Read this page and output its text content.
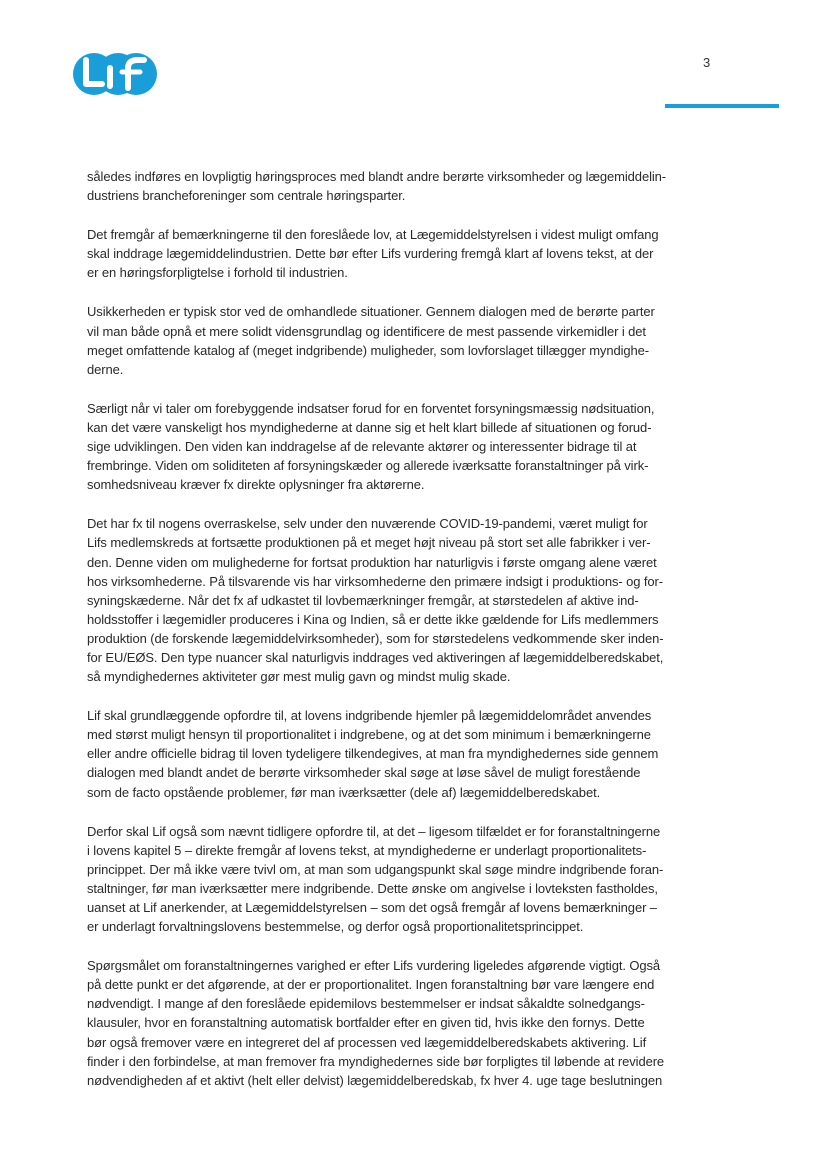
3

således indføres en lovpligtig høringsproces med blandt andre berørte virksomheder og lægemiddelin-
dustriens brancheforeninger som centrale høringsparter.

Det fremgår af bemærkningerne til den foreslåede lov, at Lægemiddelstyrelsen i videst muligt omfang
skal inddrage lægemiddelindustrien. Dette bør efter Lifs vurdering fremgå klart af lovens tekst, at der
er en høringsforpligtelse i forhold til industrien.

Usikkerheden er typisk stor ved de omhandlede situationer. Gennem dialogen med de berørte parter
vil man både opnå et mere solidt vidensgrundlag og identificere de mest passende virkemidler i det
meget omfattende katalog af (meget indgribende) muligheder, som lovforslaget tillægger myndighe-
derne.

Særligt når vi taler om forebyggende indsatser forud for en forventet forsyningsmæssig nødsituation,
kan det være vanskeligt hos myndighederne at danne sig et helt klart billede af situationen og forud-
sige udviklingen. Den viden kan inddragelse af de relevante aktører og interessenter bidrage til at
frembringe. Viden om soliditeten af forsyningskæder og allerede iværksatte foranstaltninger på virk-
somhedsniveau kræver fx direkte oplysninger fra aktørerne.

Det har fx til nogens overraskelse, selv under den nuværende COVID-19-pandemi, været muligt for
Lifs medlemskreds at fortsætte produktionen på et meget højt niveau på stort set alle fabrikker i ver-
den. Denne viden om mulighederne for fortsat produktion har naturligvis i første omgang alene været
hos virksomhederne. På tilsvarende vis har virksomhederne den primære indsigt i produktions- og for-
syningskæderne. Når det fx af udkastet til lovbemærkninger fremgår, at størstedelen af aktive ind-
holdsstoffer i lægemidler produceres i Kina og Indien, så er dette ikke gældende for Lifs medlemmers
produktion (de forskende lægemiddelvirksomheder), som for størstedelens vedkommende sker inden-
for EU/EØS. Den type nuancer skal naturligvis inddrages ved aktiveringen af lægemiddelberedskabet,
så myndighedernes aktiviteter gør mest mulig gavn og mindst mulig skade.

Lif skal grundlæggende opfordre til, at lovens indgribende hjemler på lægemiddelområdet anvendes
med størst muligt hensyn til proportionalitet i indgrebene, og at det som minimum i bemærkningerne
eller andre officielle bidrag til loven tydeligere tilkendegives, at man fra myndighedernes side gennem
dialogen med blandt andet de berørte virksomheder skal søge at løse såvel de muligt forestående
som de facto opstående problemer, før man iværksætter (dele af) lægemiddelberedskabet.

Derfor skal Lif også som nævnt tidligere opfordre til, at det – ligesom tilfældet er for foranstaltningerne
i lovens kapitel 5 – direkte fremgår af lovens tekst, at myndighederne er underlagt proportionalitets-
princippet. Der må ikke være tvivl om, at man som udgangspunkt skal søge mindre indgribende foran-
staltninger, før man iværksætter mere indgribende. Dette ønske om angivelse i lovteksten fastholdes,
uanset at Lif anerkender, at Lægemiddelstyrelsen – som det også fremgår af lovens bemærkninger –
er underlagt forvaltningslovens bestemmelse, og derfor også proportionalitetsprincippet.

Spørgsmålet om foranstaltningernes varighed er efter Lifs vurdering ligeledes afgørende vigtigt. Også
på dette punkt er det afgørende, at der er proportionalitet. Ingen foranstaltning bør vare længere end
nødvendigt. I mange af den foreslåede epidemilovs bestemmelser er indsat såkaldte solnedgangs-
klausuler, hvor en foranstaltning automatisk bortfalder efter en given tid, hvis ikke den fornys. Dette
bør også fremover være en integreret del af processen ved lægemiddelberedskabets aktivering. Lif
finder i den forbindelse, at man fremover fra myndighedernes side bør forpligtes til løbende at revidere
nødvendigheden af et aktivt (helt eller delvist) lægemiddelberedskab, fx hver 4. uge tage beslutningen
